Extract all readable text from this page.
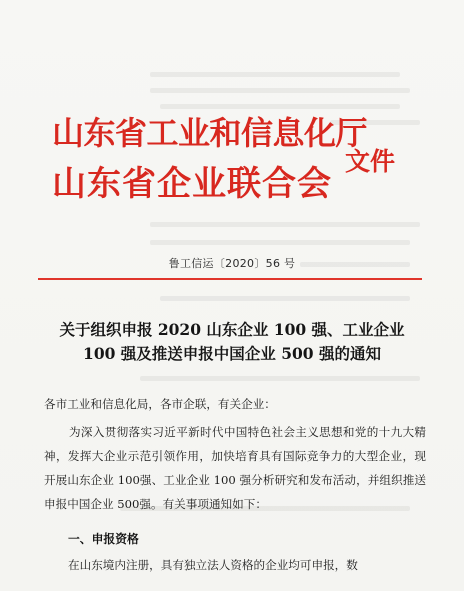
山东省工业和信息化厅
山东省企业联合会
文件
鲁工信运〔2020〕56 号
关于组织申报 2020 山东企业 100 强、工业企业
100 强及推送申报中国企业 500 强的通知
各市工业和信息化局，各市企联，有关企业：
为深入贯彻落实习近平新时代中国特色社会主义思想和党的十九大精神，发挥大企业示范引领作用，加快培育具有国际竞争力的大型企业，现开展山东企业 100强、工业企业 100 强分析研究和发布活动，并组织推送申报中国企业 500强。有关事项通知如下：
一、申报资格
在山东境内注册，具有独立法人资格的企业均可申报，数
